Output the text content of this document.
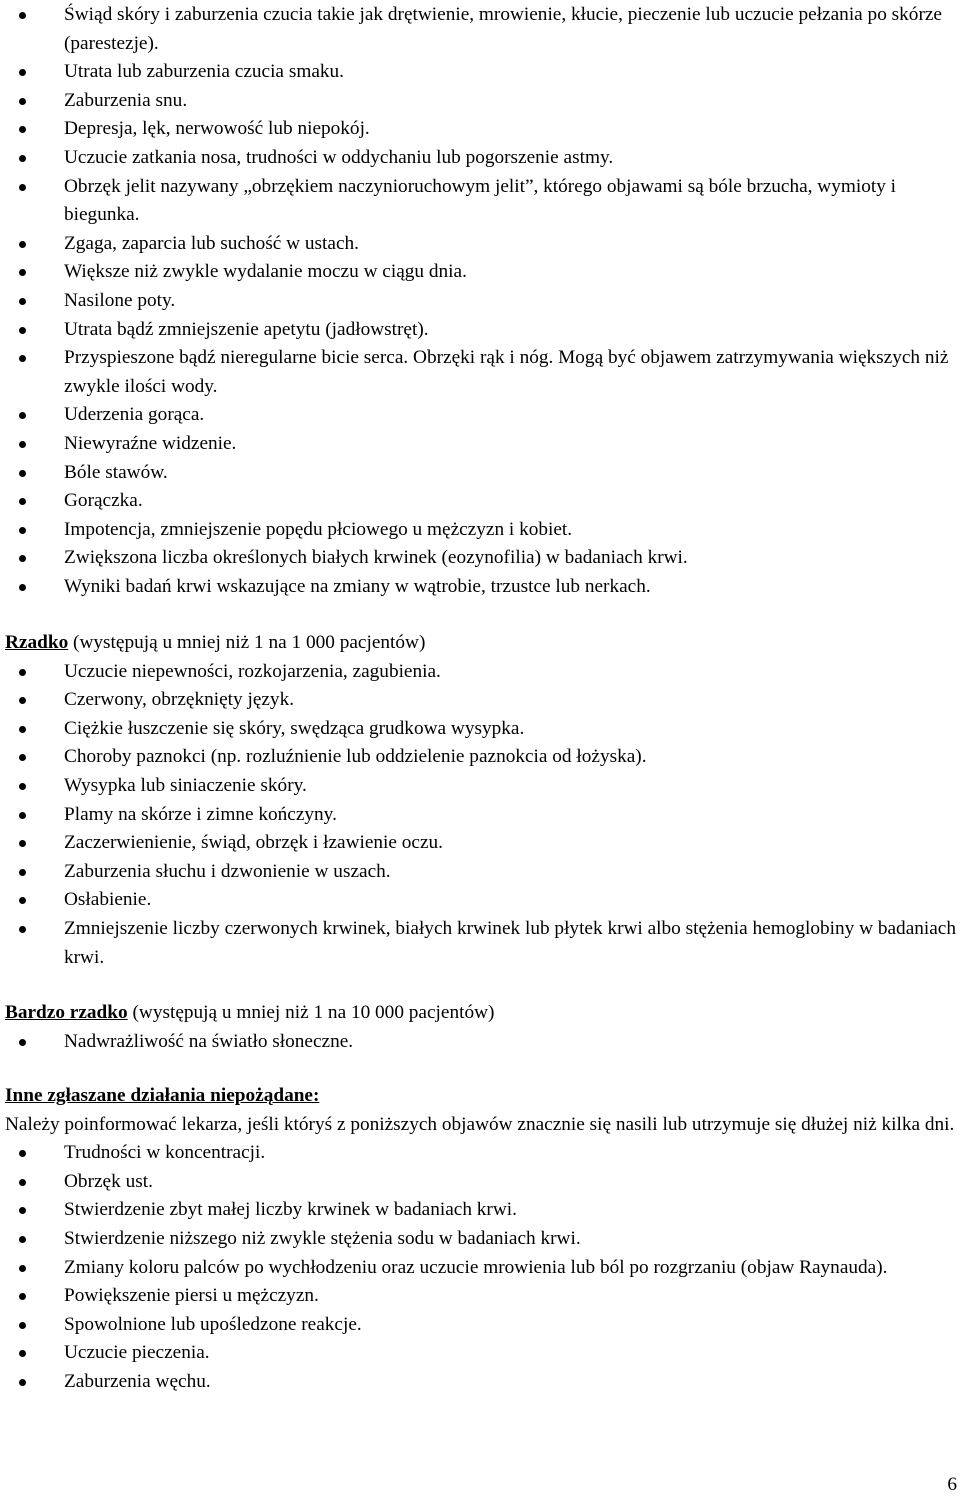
Świąd skóry i zaburzenia czucia takie jak drętwienie, mrowienie, kłucie, pieczenie lub uczucie pełzania po skórze (parestezje).
Utrata lub zaburzenia czucia smaku.
Zaburzenia snu.
Depresja, lęk, nerwowość lub niepokój.
Uczucie zatkania nosa, trudności w oddychaniu lub pogorszenie astmy.
Obrzęk jelit nazywany „obrzękiem naczynioruchowym jelit”, którego objawami są bóle brzucha, wymioty i biegunka.
Zgaga, zaparcia lub suchość w ustach.
Większe niż zwykle wydalanie moczu w ciągu dnia.
Nasilone poty.
Utrata bądź zmniejszenie apetytu (jadłowstręt).
Przyspieszone bądź nieregularne bicie serca. Obrzęki rąk i nóg. Mogą być objawem zatrzymywania większych niż zwykle ilości wody.
Uderzenia gorąca.
Niewyraźne widzenie.
Bóle stawów.
Gorączka.
Impotencja, zmniejszenie popędu płciowego u mężczyzn i kobiet.
Zwiększona liczba określonych białych krwinek (eozynofilia) w badaniach krwi.
Wyniki badań krwi wskazujące na zmiany w wątrobie, trzustce lub nerkach.
Rzadko (występują u mniej niż 1 na 1 000 pacjentów)
Uczucie niepewności, rozkojarzenia, zagubienia.
Czerwony, obrzęknięty język.
Ciężkie łuszczenie się skóry, swędząca grudkowa wysypka.
Choroby paznokci (np. rozluźnienie lub oddzielenie paznokcia od łożyska).
Wysypka lub siniaczenie skóry.
Plamy na skórze i zimne kończyny.
Zaczerwienienie, świąd, obrzęk i łzawienie oczu.
Zaburzenia słuchu i dzwonienie w uszach.
Osłabienie.
Zmniejszenie liczby czerwonych krwinek, białych krwinek lub płytek krwi albo stężenia hemoglobiny w badaniach krwi.
Bardzo rzadko (występują u mniej niż 1 na 10 000 pacjentów)
Nadwrażliwość na światło słoneczne.
Inne zgłaszane działania niepożądane:
Należy poinformować lekarza, jeśli któryś z poniższych objawów znacznie się nasili lub utrzymuje się dłużej niż kilka dni.
Trudności w koncentracji.
Obrzęk ust.
Stwierdzenie zbyt małej liczby krwinek w badaniach krwi.
Stwierdzenie niższego niż zwykle stężenia sodu w badaniach krwi.
Zmiany koloru palców po wychłodzeniu oraz uczucie mrowienia lub ból po rozgrzaniu (objaw Raynauda).
Powiększenie piersi u mężczyzn.
Spowolnione lub upośledzone reakcje.
Uczucie pieczenia.
Zaburzenia węchu.
6
